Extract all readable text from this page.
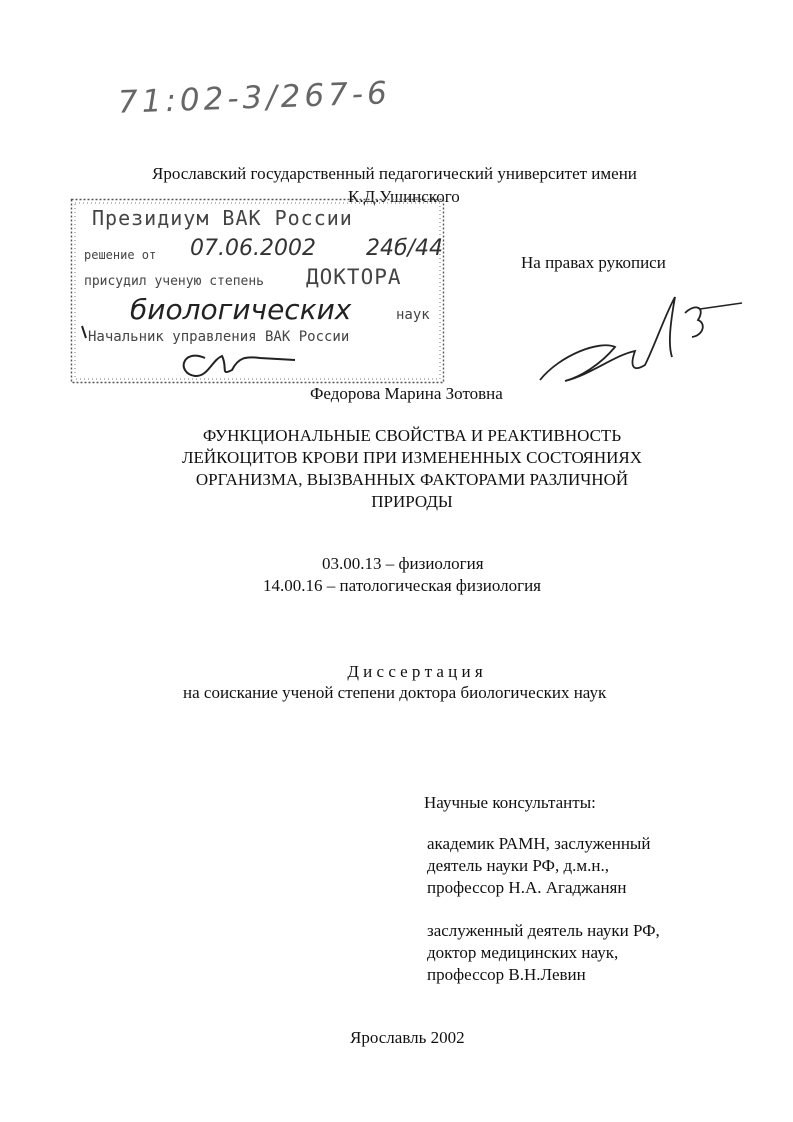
71:02-3/267-6
Ярославский государственный педагогический университет имени
К.Д.Ушинского
Президиум ВАК России
решение от 07.06.2002 24б/44
присудил ученую степень ДОКТОРА
биологических	наук
Начальник управления ВАК России
На правах рукописи
Федорова Марина Зотовна
ФУНКЦИОНАЛЬНЫЕ СВОЙСТВА И РЕАКТИВНОСТЬ
ЛЕЙКОЦИТОВ КРОВИ ПРИ ИЗМЕНЕННЫХ СОСТОЯНИЯХ
ОРГАНИЗМА, ВЫЗВАННЫХ ФАКТОРАМИ РАЗЛИЧНОЙ
ПРИРОДЫ
03.00.13 – физиология
14.00.16 – патологическая физиология
Д и с с е р т а ц и я
на соискание ученой степени доктора биологических наук
Научные консультанты:
академик РАМН, заслуженный
деятель науки РФ, д.м.н.,
профессор Н.А. Агаджанян
заслуженный деятель науки РФ,
доктор медицинских наук,
профессор В.Н.Левин
Ярославль 2002
